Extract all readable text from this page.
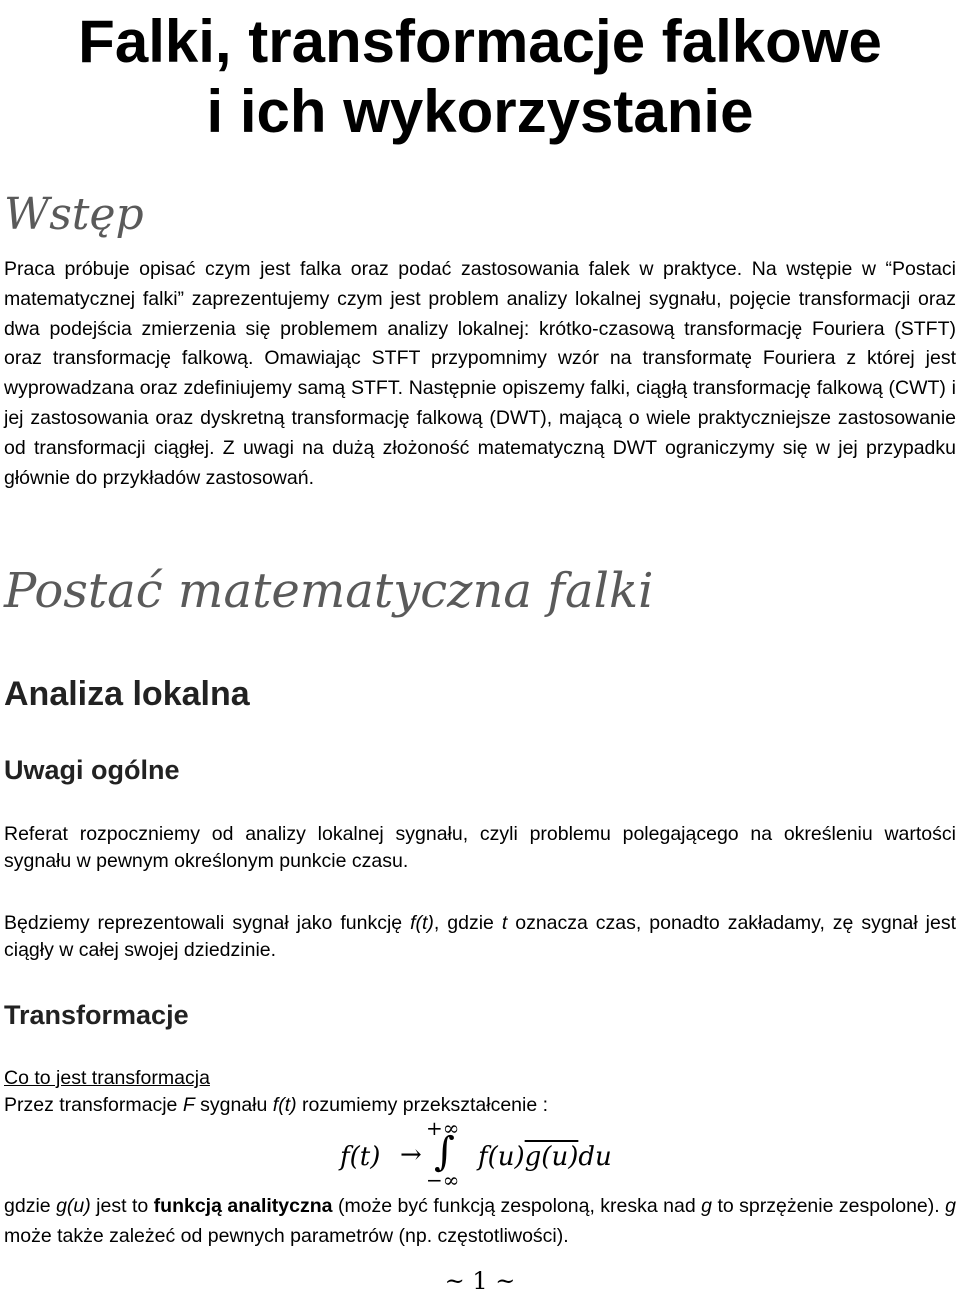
Falki, transformacje falkowe
i ich wykorzystanie
Wstęp

Praca próbuje opisać czym jest falka oraz podać zastosowania falek w praktyce. Na wstępie w “Postaci matematycznej falki” zaprezentujemy czym jest problem analizy lokalnej sygnału, pojęcie transformacji oraz dwa podejścia zmierzenia się problemem analizy lokalnej: krótko-czasową transformację Fouriera (STFT) oraz transformację falkową. Omawiając STFT przypomnimy wzór na transformatę Fouriera z której jest wyprowadzana oraz zdefiniujemy samą STFT. Następnie opiszemy falki, ciągłą transformację falkową (CWT) i jej zastosowania oraz dyskretną transformację falkową (DWT), mającą o wiele praktyczniejsze zastosowanie od transformacji ciągłej. Z uwagi na dużą złożoność matematyczną DWT ograniczymy się w jej przypadku głównie do przykładów zastosowań.

Postać matematyczna falki
Analiza lokalna
Uwagi ogólne

Referat rozpoczniemy od analizy lokalnej sygnału, czyli problemu polegającego na określeniu wartości sygnału w pewnym określonym punkcie czasu.

Będziemy reprezentowali sygnał jako funkcję f(t), gdzie t oznacza czas, ponadto zakładamy, zę sygnał jest ciągły w całej swojej dziedzinie.

Transformacje

Co to jest transformacja

Przez transformacje F sygnału f(t) rozumiemy przekształcenie :

f(t) →
+∞
∫
−∞
f(u)g(u)du

gdzie g(u) jest to funkcją analityczna (może być funkcją zespoloną, kreska nad g to sprzężenie zespolone). g może także zależeć od pewnych parametrów (np. częstotliwości).

~ 1 ~
